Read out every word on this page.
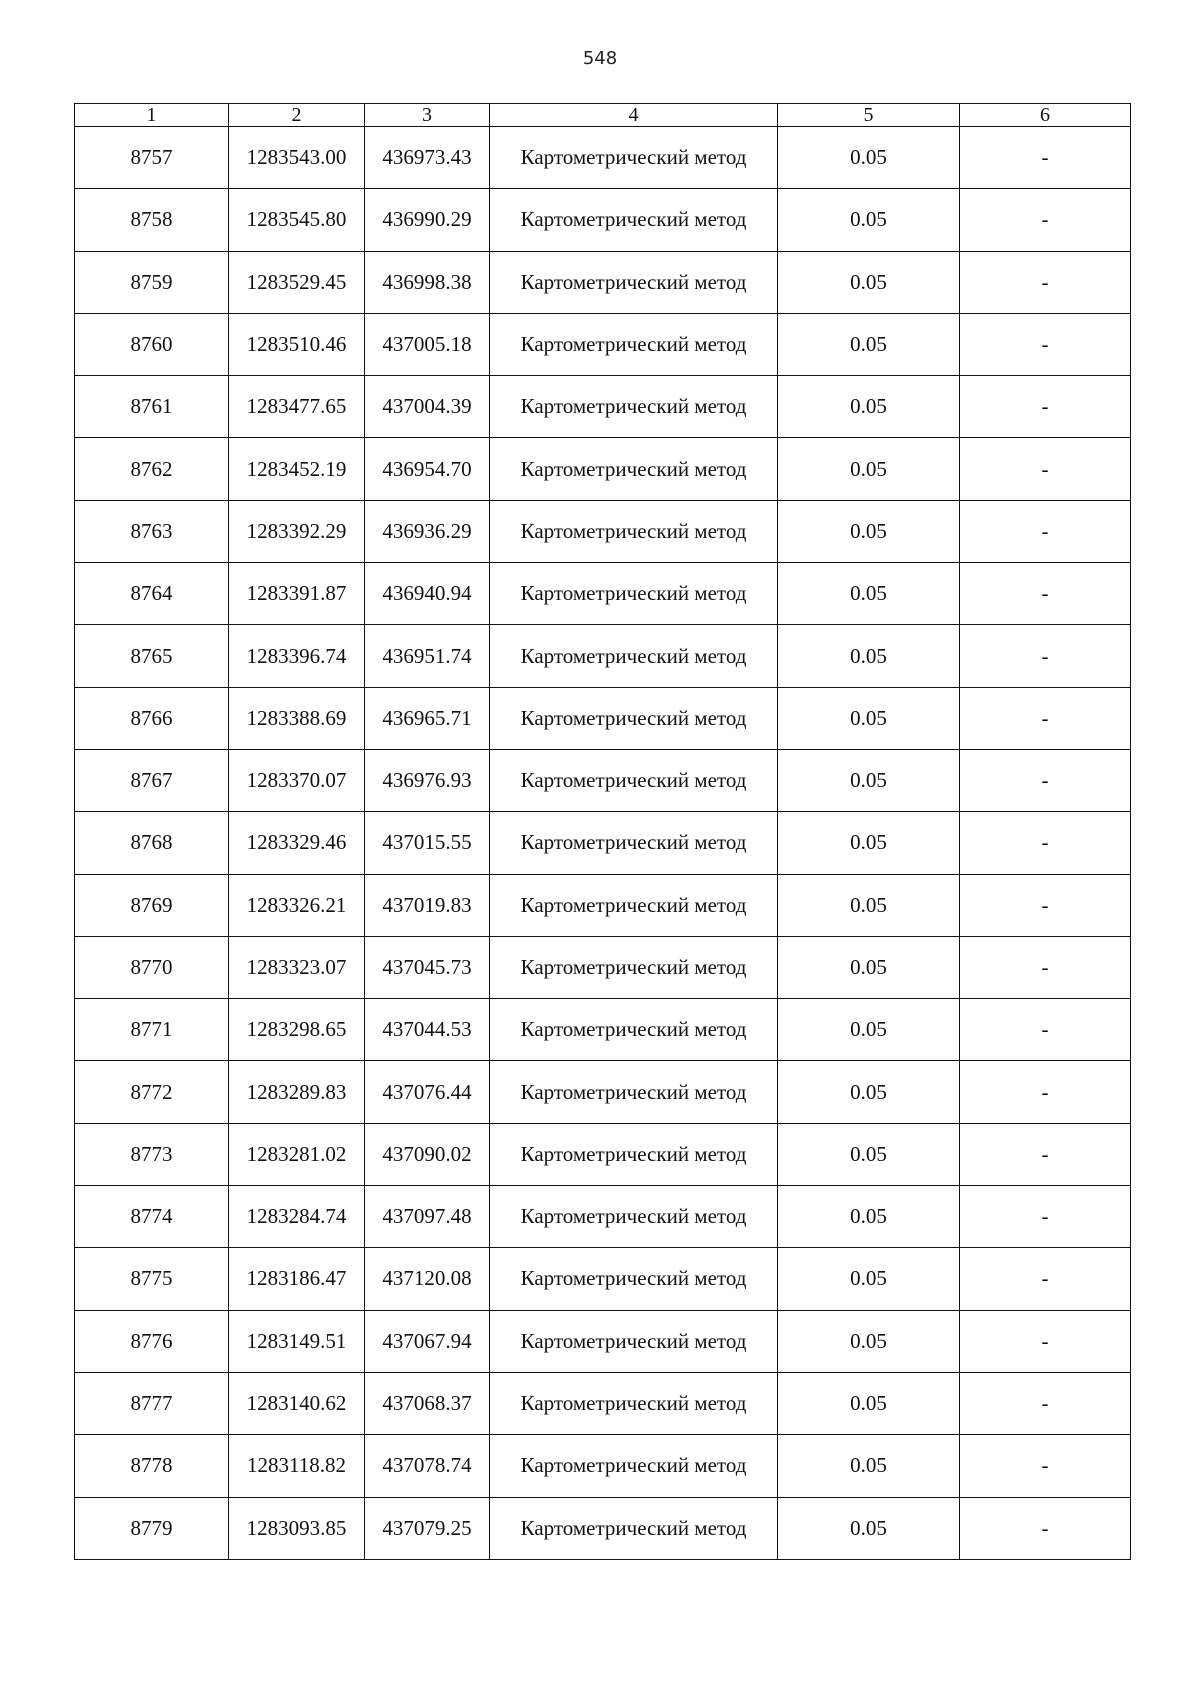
548
1	2	3	4	5	6
8757	1283543.00	436973.43	Картометрический метод	0.05	-
8758	1283545.80	436990.29	Картометрический метод	0.05	-
8759	1283529.45	436998.38	Картометрический метод	0.05	-
8760	1283510.46	437005.18	Картометрический метод	0.05	-
8761	1283477.65	437004.39	Картометрический метод	0.05	-
8762	1283452.19	436954.70	Картометрический метод	0.05	-
8763	1283392.29	436936.29	Картометрический метод	0.05	-
8764	1283391.87	436940.94	Картометрический метод	0.05	-
8765	1283396.74	436951.74	Картометрический метод	0.05	-
8766	1283388.69	436965.71	Картометрический метод	0.05	-
8767	1283370.07	436976.93	Картометрический метод	0.05	-
8768	1283329.46	437015.55	Картометрический метод	0.05	-
8769	1283326.21	437019.83	Картометрический метод	0.05	-
8770	1283323.07	437045.73	Картометрический метод	0.05	-
8771	1283298.65	437044.53	Картометрический метод	0.05	-
8772	1283289.83	437076.44	Картометрический метод	0.05	-
8773	1283281.02	437090.02	Картометрический метод	0.05	-
8774	1283284.74	437097.48	Картометрический метод	0.05	-
8775	1283186.47	437120.08	Картометрический метод	0.05	-
8776	1283149.51	437067.94	Картометрический метод	0.05	-
8777	1283140.62	437068.37	Картометрический метод	0.05	-
8778	1283118.82	437078.74	Картометрический метод	0.05	-
8779	1283093.85	437079.25	Картометрический метод	0.05	-
